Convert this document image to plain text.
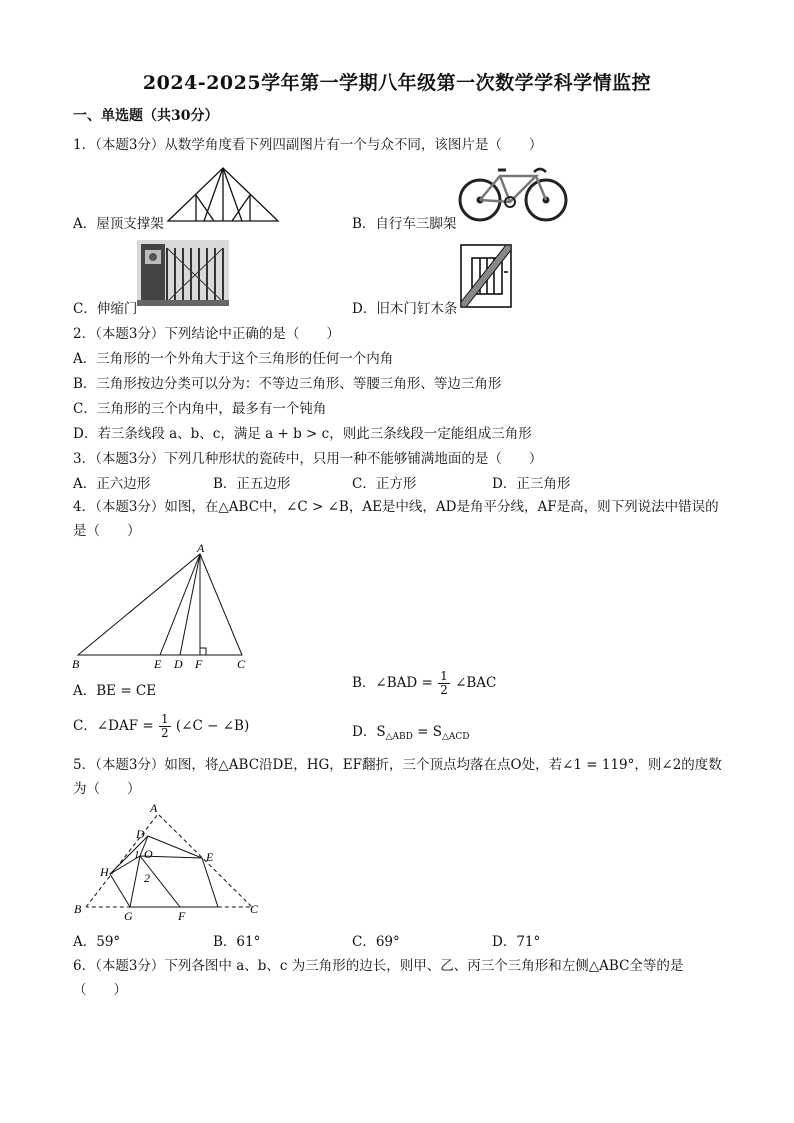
2024-2025学年第一学期八年级第一次数学学科学情监控
一、单选题（共30分）
1．（本题3分）从数学角度看下列四副图片有一个与众不同，该图片是（　　）
A．屋顶支撑架	B．自行车三脚架
C．伸缩门	D．旧木门钉木条
2．（本题3分）下列结论中正确的是（　　）
A．三角形的一个外角大于这个三角形的任何一个内角
B．三角形按边分类可以分为：不等边三角形、等腰三角形、等边三角形
C．三角形的三个内角中，最多有一个钝角
D．若三条线段 a、b、c，满足 a + b > c，则此三条线段一定能组成三角形
3．（本题3分）下列几种形状的瓷砖中，只用一种不能够铺满地面的是（　　）
A．正六边形	B．正五边形	C．正方形	D．正三角形
4．（本题3分）如图，在△ABC中，∠C > ∠B，AE是中线，AD是角平分线，AF是高，则下列说法中错误的是（　　）
A
B	E D F	C
A．BE = CE	B．∠BAD = $\frac{1}{2}$ ∠BAC
C．∠DAF = $\frac{1}{2}$ (∠C − ∠B)	D．$S_{\triangle ABD} = S_{\triangle ACD}$
5．（本题3分）如图，将△ABC沿DE，HG，EF翻折，三个顶点均落在点O处，若∠1 = 119°，则∠2的度数为（　　）
A
D
O	E
H
1
2
B	G	F	C
A．59°	B．61°	C．69°	D．71°
6．（本题3分）下列各图中 a、b、c 为三角形的边长，则甲、乙、丙三个三角形和左侧△ABC全等的是（　　）
